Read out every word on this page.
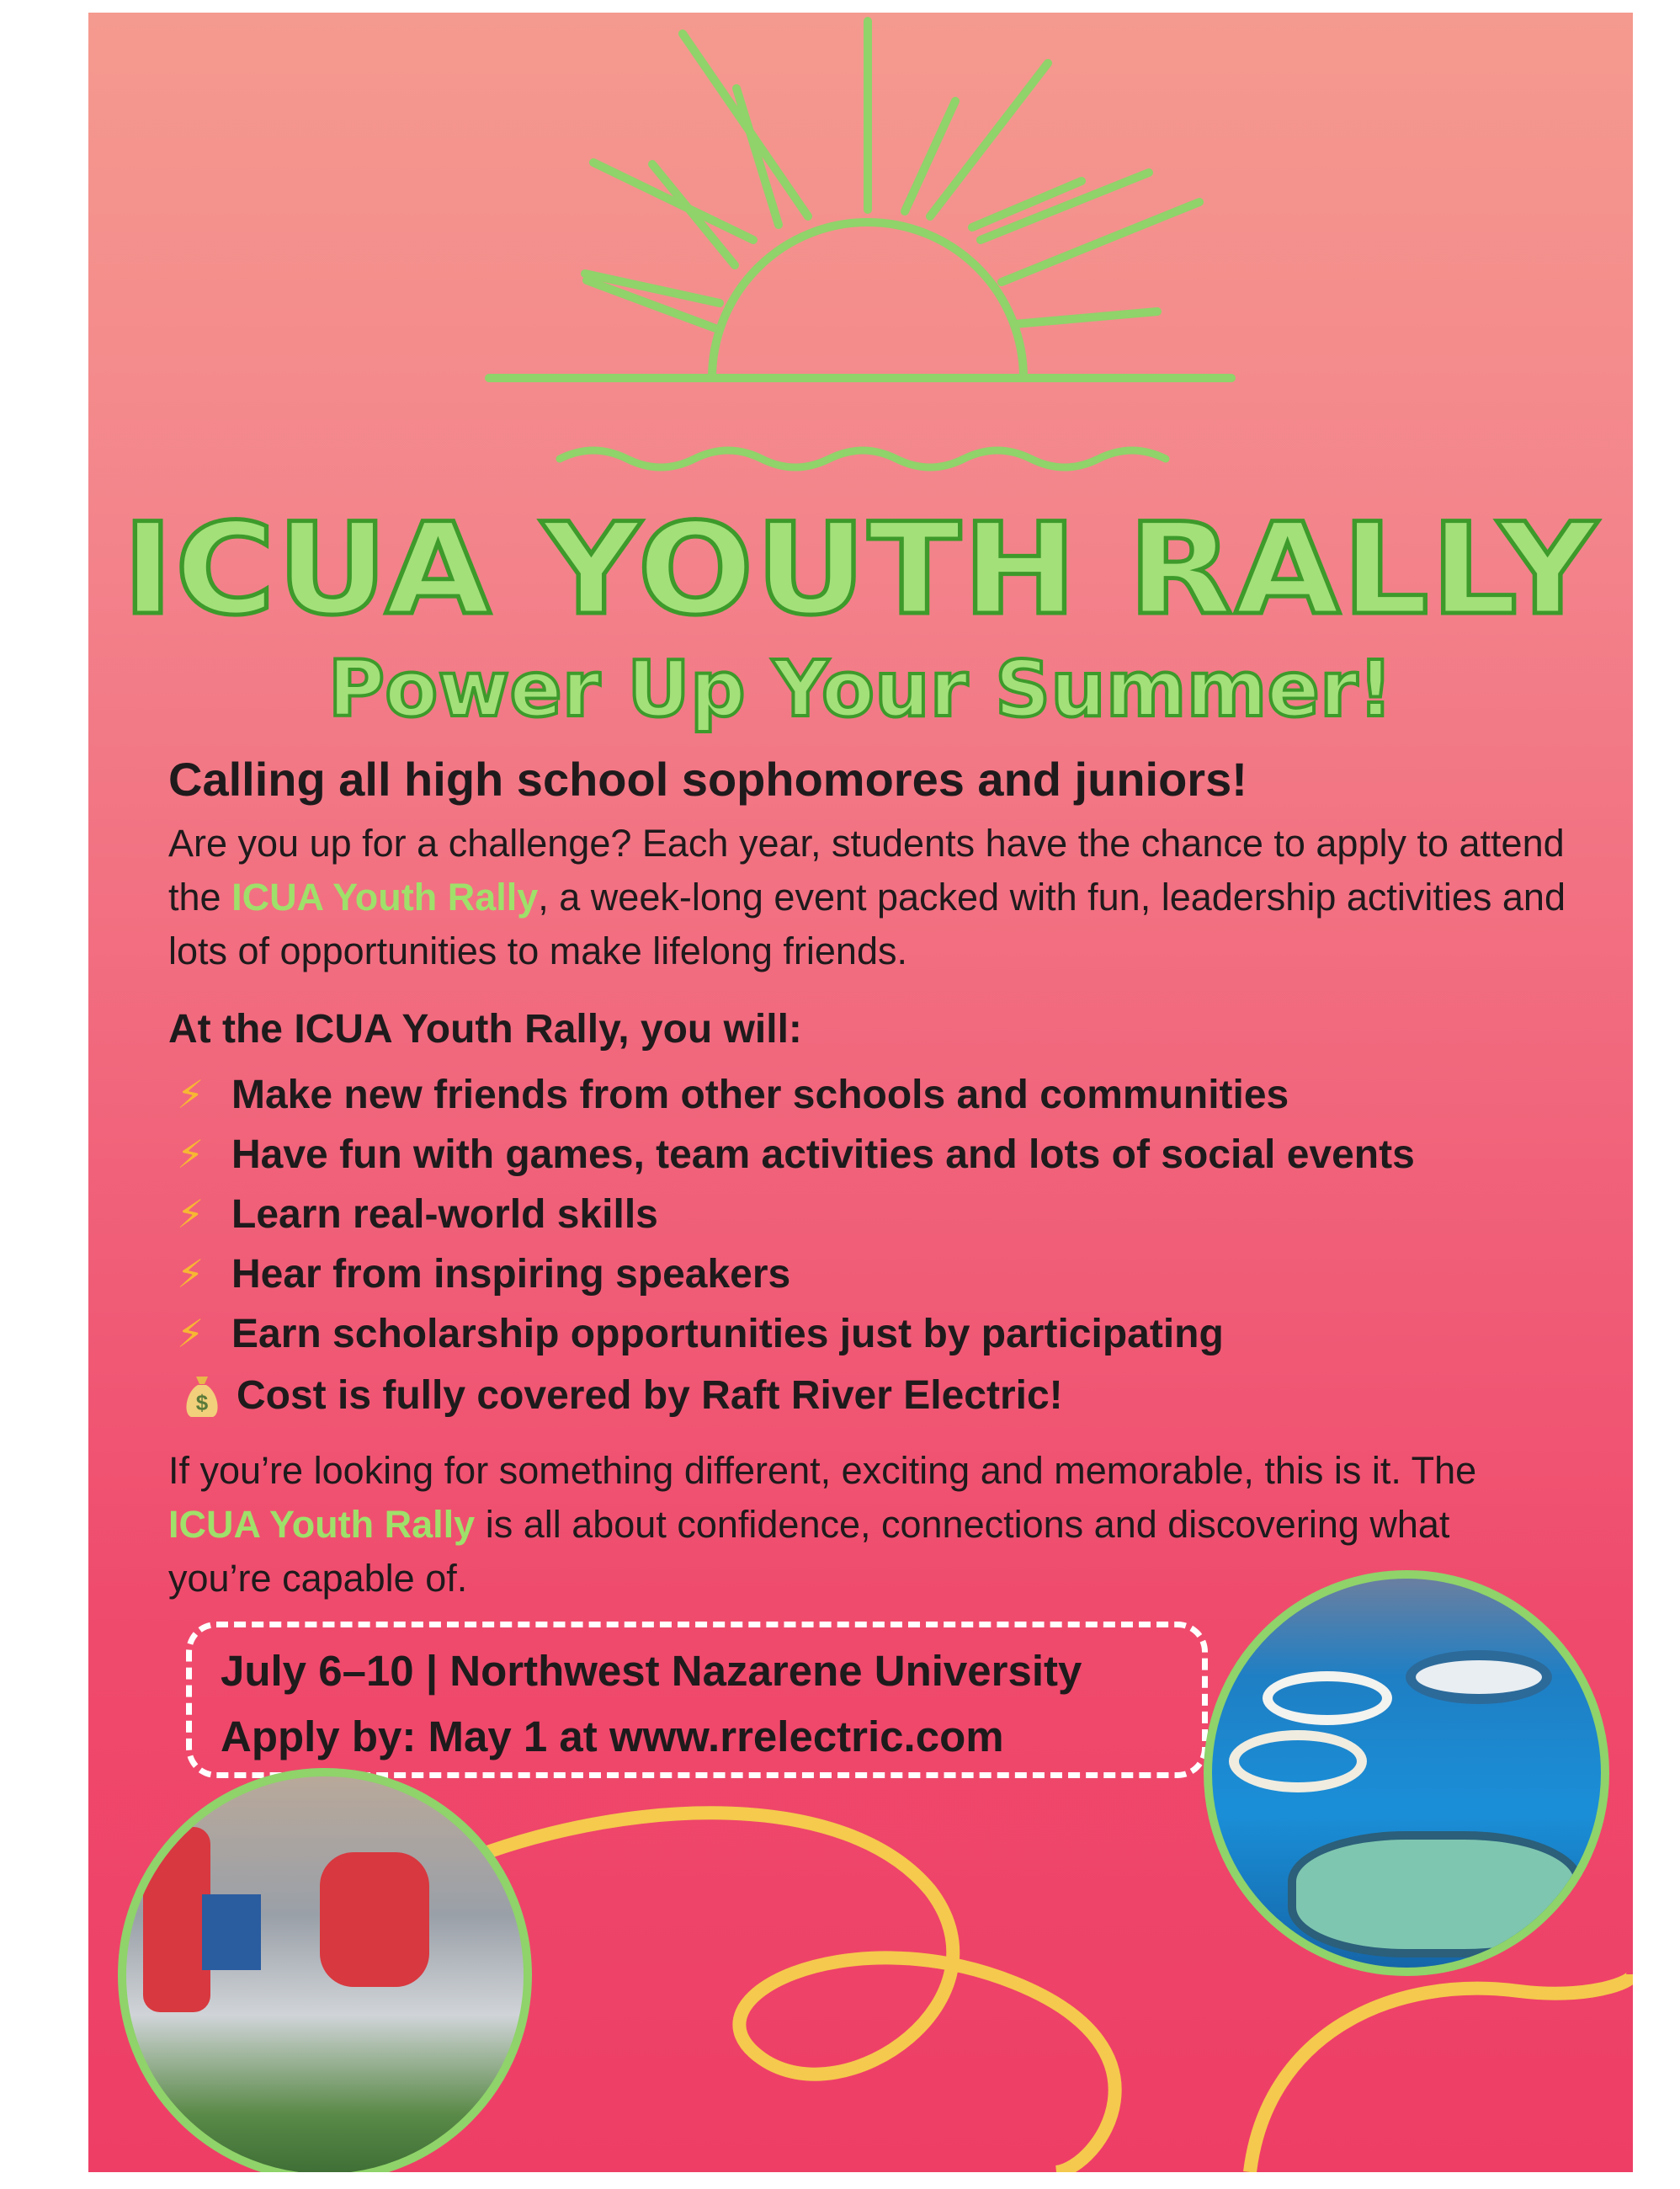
ICUA YOUTH RALLY
Power Up Your Summer!
Calling all high school sophomores and juniors!
Are you up for a challenge? Each year, students have the chance to apply to attend the ICUA Youth Rally, a week-long event packed with fun, leadership activities and lots of opportunities to make lifelong friends.
At the ICUA Youth Rally, you will:
⚡ Make new friends from other schools and communities
⚡ Have fun with games, team activities and lots of social events
⚡ Learn real-world skills
⚡ Hear from inspiring speakers
⚡ Earn scholarship opportunities just by participating
$ Cost is fully covered by Raft River Electric!
If you’re looking for something different, exciting and memorable, this is it. The ICUA Youth Rally is all about confidence, connections and discovering what you’re capable of.
July 6–10 | Northwest Nazarene University
Apply by: May 1 at www.rrelectric.com
